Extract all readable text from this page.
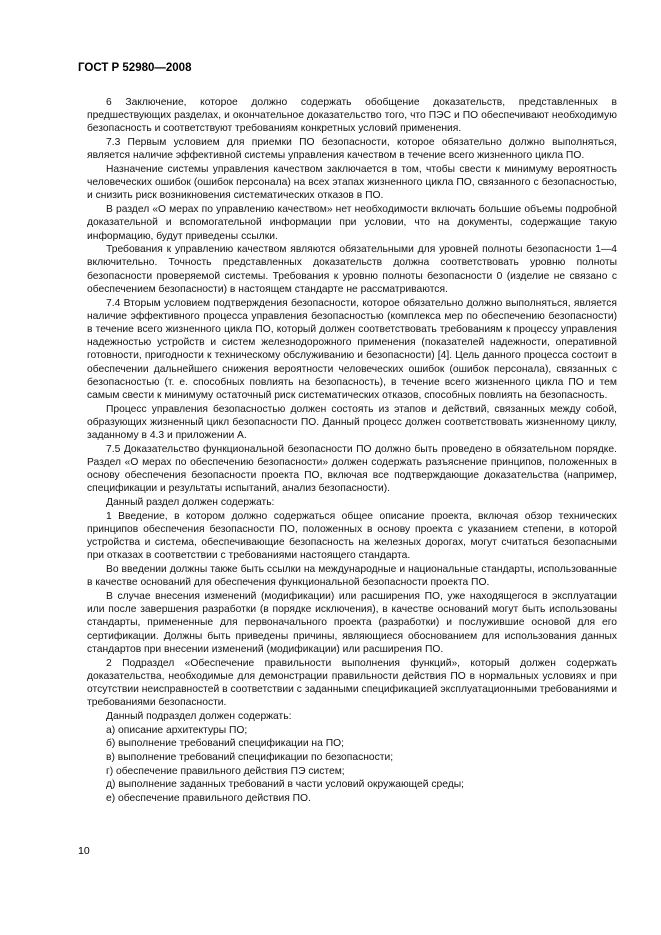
ГОСТ Р 52980—2008

6 Заключение, которое должно содержать обобщение доказательств, представленных в предшествующих разделах, и окончательное доказательство того, что ПЭС и ПО обеспечивают необходимую безопасность и соответствуют требованиям конкретных условий применения.

7.3 Первым условием для приемки ПО безопасности, которое обязательно должно выполняться, является наличие эффективной системы управления качеством в течение всего жизненного цикла ПО.

Назначение системы управления качеством заключается в том, чтобы свести к минимуму вероятность человеческих ошибок (ошибок персонала) на всех этапах жизненного цикла ПО, связанного с безопасностью, и снизить риск возникновения систематических отказов в ПО.

В раздел «О мерах по управлению качеством» нет необходимости включать большие объемы подробной доказательной и вспомогательной информации при условии, что на документы, содержащие такую информацию, будут приведены ссылки.

Требования к управлению качеством являются обязательными для уровней полноты безопасности 1—4 включительно. Точность представленных доказательств должна соответствовать уровню полноты безопасности проверяемой системы. Требования к уровню полноты безопасности 0 (изделие не связано с обеспечением безопасности) в настоящем стандарте не рассматриваются.

7.4 Вторым условием подтверждения безопасности, которое обязательно должно выполняться, является наличие эффективного процесса управления безопасностью (комплекса мер по обеспечению безопасности) в течение всего жизненного цикла ПО, который должен соответствовать требованиям к процессу управления надежностью устройств и систем железнодорожного применения (показателей надежности, оперативной готовности, пригодности к техническому обслуживанию и безопасности) [4]. Цель данного процесса состоит в обеспечении дальнейшего снижения вероятности человеческих ошибок (ошибок персонала), связанных с безопасностью (т. е. способных повлиять на безопасность), в течение всего жизненного цикла ПО и тем самым свести к минимуму остаточный риск систематических отказов, способных повлиять на безопасность.

Процесс управления безопасностью должен состоять из этапов и действий, связанных между собой, образующих жизненный цикл безопасности ПО. Данный процесс должен соответствовать жизненному циклу, заданному в 4.3 и приложении А.

7.5 Доказательство функциональной безопасности ПО должно быть проведено в обязательном порядке. Раздел «О мерах по обеспечению безопасности» должен содержать разъяснение принципов, положенных в основу обеспечения безопасности проекта ПО, включая все подтверждающие доказательства (например, спецификации и результаты испытаний, анализ безопасности).

Данный раздел должен содержать:

1 Введение, в котором должно содержаться общее описание проекта, включая обзор технических принципов обеспечения безопасности ПО, положенных в основу проекта с указанием степени, в которой устройства и система, обеспечивающие безопасность на железных дорогах, могут считаться безопасными при отказах в соответствии с требованиями настоящего стандарта.

Во введении должны также быть ссылки на международные и национальные стандарты, использованные в качестве оснований для обеспечения функциональной безопасности проекта ПО.

В случае внесения изменений (модификации) или расширения ПО, уже находящегося в эксплуатации или после завершения разработки (в порядке исключения), в качестве оснований могут быть использованы стандарты, примененные для первоначального проекта (разработки) и послужившие основой для его сертификации. Должны быть приведены причины, являющиеся обоснованием для использования данных стандартов при внесении изменений (модификации) или расширения ПО.

2 Подраздел «Обеспечение правильности выполнения функций», который должен содержать доказательства, необходимые для демонстрации правильности действия ПО в нормальных условиях и при отсутствии неисправностей в соответствии с заданными спецификацией эксплуатационными требованиями и требованиями безопасности.

Данный подраздел должен содержать:

а) описание архитектуры ПО;

б) выполнение требований спецификации на ПО;

в) выполнение требований спецификации по безопасности;

г) обеспечение правильного действия ПЭ систем;

д) выполнение заданных требований в части условий окружающей среды;

е) обеспечение правильного действия ПО.

10
